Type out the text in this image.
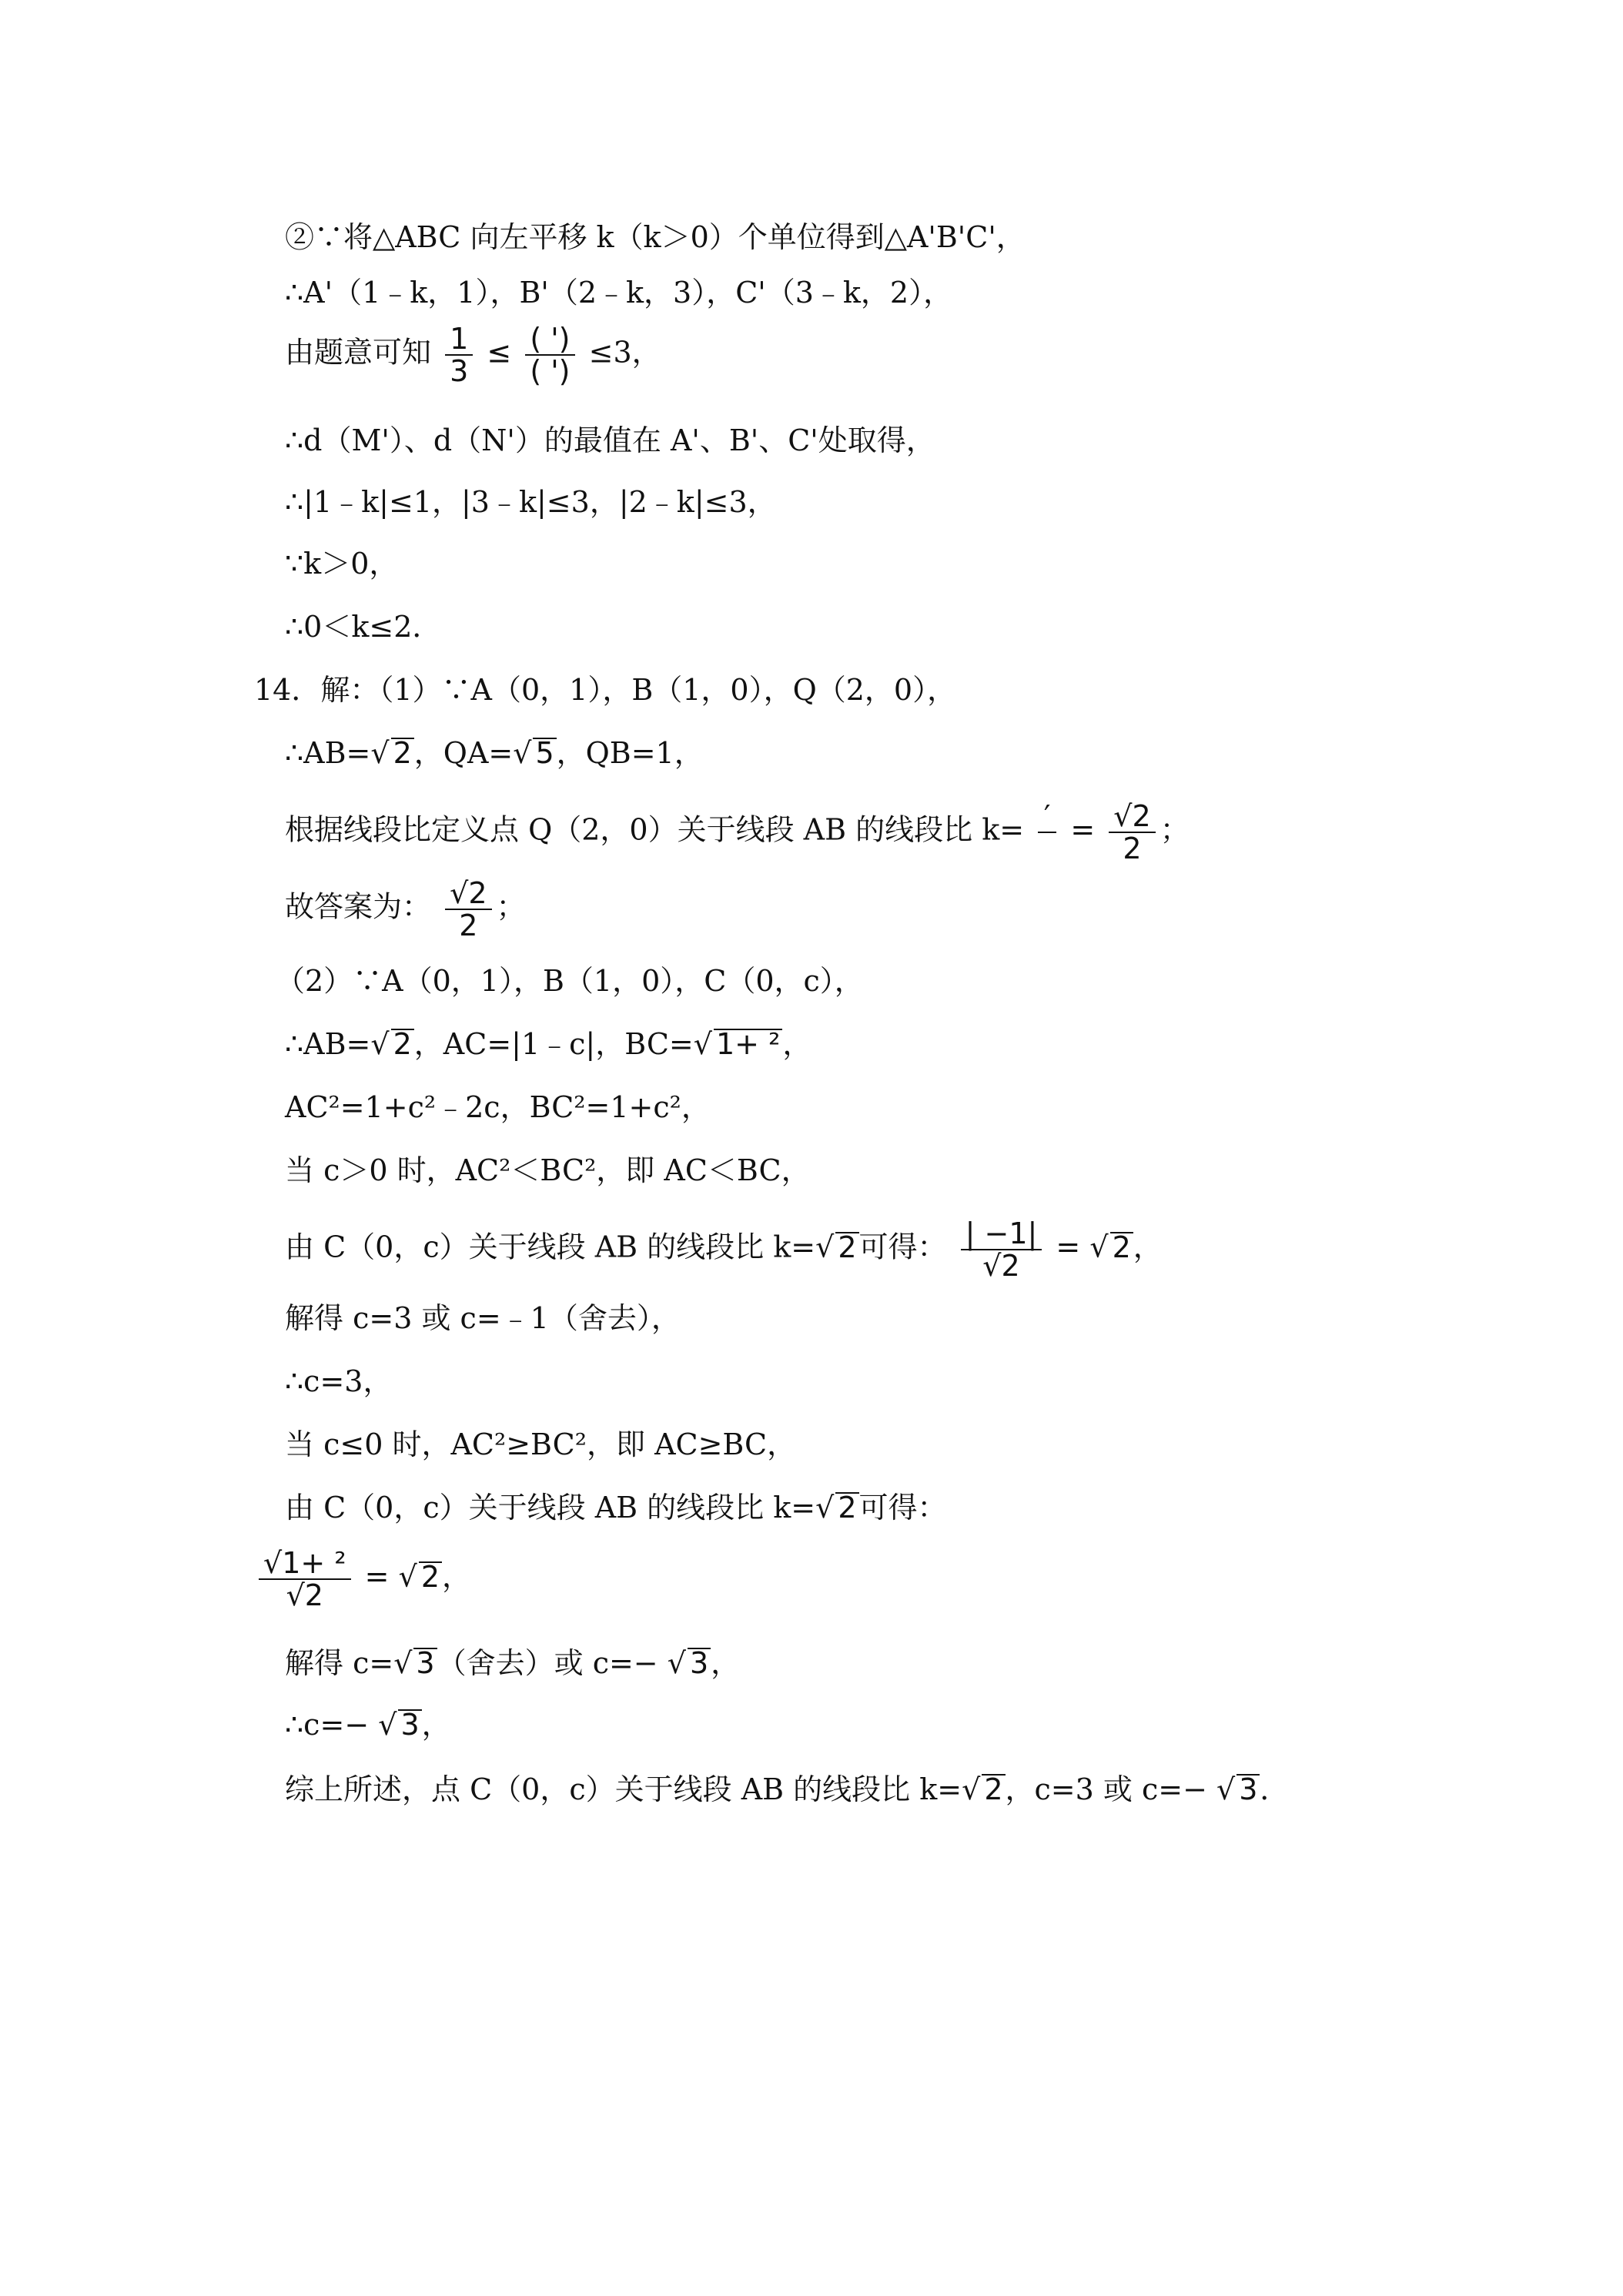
②∵将△ABC 向左平移 k（k＞0）个单位得到△A'B'C'，
∴A'（1﹣k，1），B'（2﹣k，3），C'（3﹣k，2），
由题意可知 $\frac{1}{3} \le \frac{( ')}{( ')} \le 3$，
∴d（M'）、d（N'）的最值在 A'、B'、C'处取得，
∴|1﹣k|≤1，|3﹣k|≤3，|2﹣k|≤3，
∵k＞0，
∴0＜k≤2．
14．解：（1）∵A（0，1），B（1，0），Q（2，0），
∴AB=√ 2，QA=√ 5，QB=1，
根据线段比定义点 Q（2，0）关于线段 AB 的线段比 k= ′
= $\frac{√2}{2}$ ；
故答案为： $\frac{√2}{2}$ ；
（2）∵A（0，1），B（1，0），C（0，c），
∴AB=√ 2，AC=|1﹣c|，BC=√ 1+ ²，
AC²=1+c²﹣2c，BC²=1+c²，
当 c＞0 时，AC²＜BC²，即 AC＜BC，
由 C（0，c）关于线段 AB 的线段比 k=√ 2可得： $\frac{| -1|}{√2}$ = √ 2，
解得 c=3 或 c=﹣1（舍去），
∴c=3，
当 c≤0 时，AC²≥BC²，即 AC≥BC，
由 C（0，c）关于线段 AB 的线段比 k=√ 2可得：
$\frac{\text{√1+ ²}}{√2}$ = √ 2，
解得 c=√ 3（舍去）或 c=− √ 3，
∴c=− √ 3，
综上所述，点 C（0，c）关于线段 AB 的线段比 k=√ 2，c=3 或 c=− √ 3．
